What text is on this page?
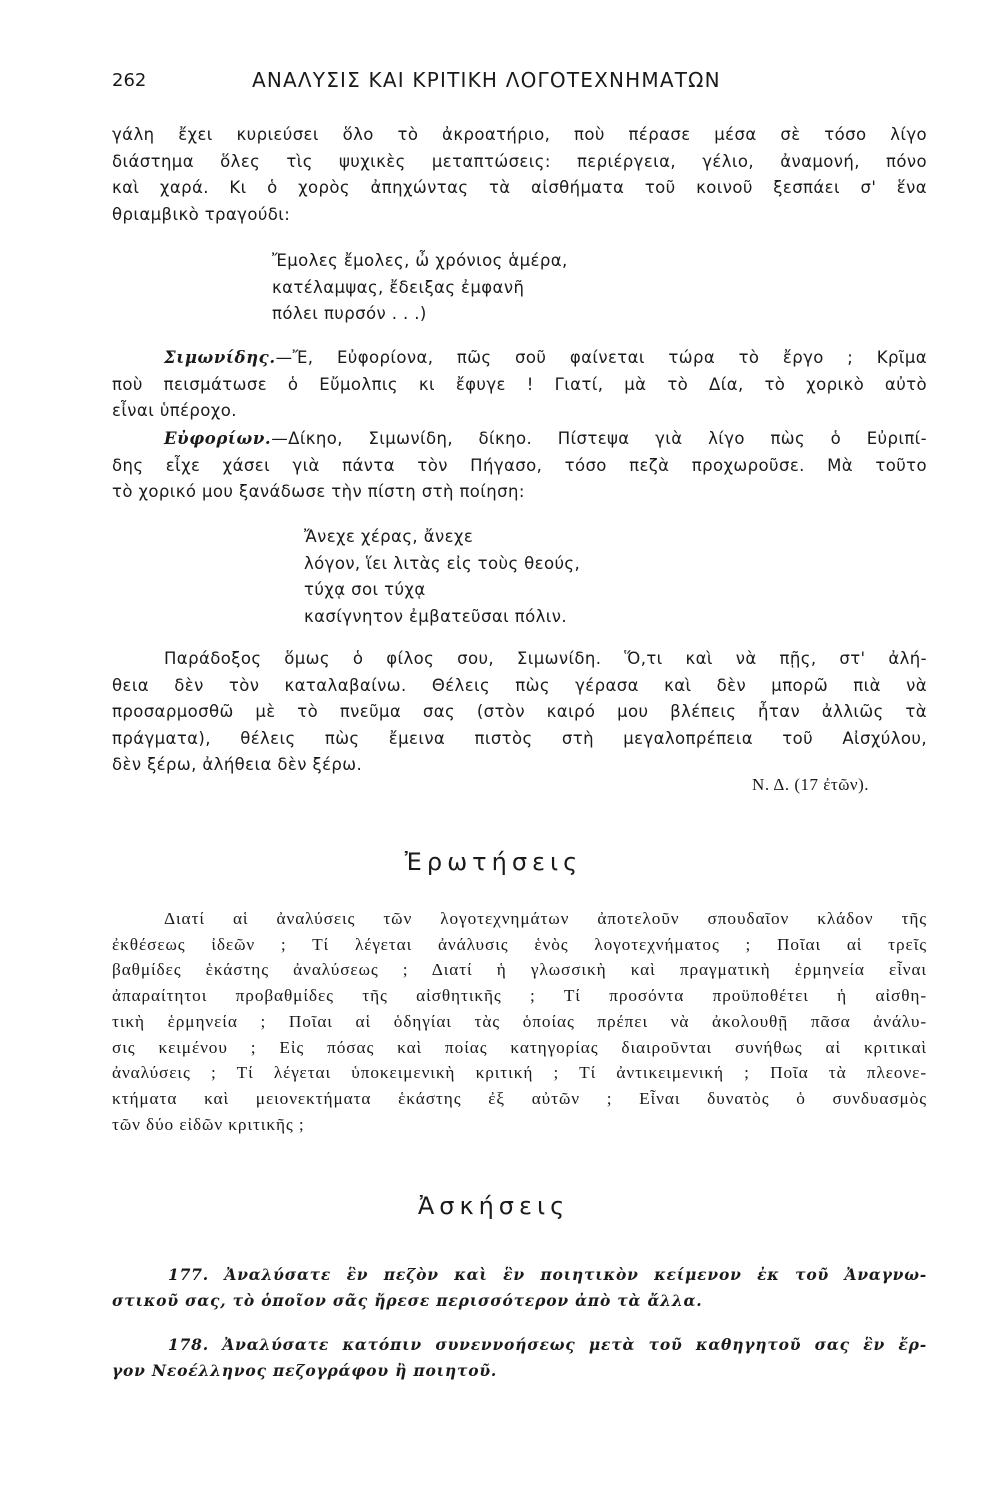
262	ΑΝΑΛΥΣΙΣ ΚΑΙ ΚΡΙΤΙΚΗ ΛΟΓΟΤΕΧΝΗΜΑΤΩΝ
γάλη ἔχει κυριεύσει ὅλο τὸ ἀκροατήριο, ποὺ πέρασε μέσα σὲ τόσο λίγο
διάστημα ὅλες τὶς ψυχικὲς μεταπτώσεις: περιέργεια, γέλιο, ἀναμονή, πόνο
καὶ χαρά. Κι ὁ χορὸς ἀπηχώντας τὰ αἰσθήματα τοῦ κοινοῦ ξεσπάει σ' ἕνα
θριαμβικὸ τραγούδι:
Ἔμολες ἔμολες, ὦ χρόνιος ἁμέρα,
κατέλαμψας, ἔδειξας ἐμφανῆ
πόλει πυρσόν . . .)
Σιμωνίδης.—Ἔ, Εὐφορίονα, πῶς σοῦ φαίνεται τώρα τὸ ἔργο ; Κρῖμα
ποὺ πεισμάτωσε ὁ Εὔμολπις κι ἔφυγε ! Γιατί, μὰ τὸ Δία, τὸ χορικὸ αὐτὸ
εἶναι ὑπέροχο.
Εὐφορίων.—Δίκηο, Σιμωνίδη, δίκηο. Πίστεψα γιὰ λίγο πὼς ὁ Εὐριπί-
δης εἶχε χάσει γιὰ πάντα τὸν Πήγασο, τόσο πεζὰ προχωροῦσε. Μὰ τοῦτο
τὸ χορικό μου ξανάδωσε τὴν πίστη στὴ ποίηση:
Ἄνεχε χέρας, ἄνεχε
λόγον, ἵει λιτὰς εἰς τοὺς θεούς,
τύχᾳ σοι τύχᾳ
κασίγνητον ἐμβατεῦσαι πόλιν.
Παράδοξος ὅμως ὁ φίλος σου, Σιμωνίδη. Ὅ,τι καὶ νὰ πῇς, στ' ἀλή-
θεια δὲν τὸν καταλαβαίνω. Θέλεις πὼς γέρασα καὶ δὲν μπορῶ πιὰ νὰ
προσαρμοσθῶ μὲ τὸ πνεῦμα σας (στὸν καιρό μου βλέπεις ἦταν ἀλλιῶς τὰ
πράγματα), θέλεις πὼς ἔμεινα πιστὸς στὴ μεγαλοπρέπεια τοῦ Αἰσχύλου,
δὲν ξέρω, ἀλήθεια δὲν ξέρω.
Ν. Δ. (17 ἐτῶν).
Ἐρωτήσεις
Διατί αἱ ἀναλύσεις τῶν λογοτεχνημάτων ἀποτελοῦν σπουδαῖον κλάδον τῆς
ἐκθέσεως ἰδεῶν ; Τί λέγεται ἀνάλυσις ἑνὸς λογοτεχνήματος ; Ποῖαι αἱ τρεῖς
βαθμίδες ἑκάστης ἀναλύσεως ; Διατί ἡ γλωσσικὴ καὶ πραγματικὴ ἑρμηνεία εἶναι
ἀπαραίτητοι προβαθμίδες τῆς αἰσθητικῆς ; Τί προσόντα προϋποθέτει ἡ αἰσθη-
τικὴ ἑρμηνεία ; Ποῖαι αἱ ὁδηγίαι τὰς ὁποίας πρέπει νὰ ἀκολουθῇ πᾶσα ἀνάλυ-
σις κειμένου ; Εἰς πόσας καὶ ποίας κατηγορίας διαιροῦνται συνήθως αἱ κριτικαὶ
ἀναλύσεις ; Τί λέγεται ὑποκειμενικὴ κριτική ; Τί ἀντικειμενική ; Ποῖα τὰ πλεονε-
κτήματα καὶ μειονεκτήματα ἑκάστης ἐξ αὐτῶν ; Εἶναι δυνατὸς ὁ συνδυασμὸς
τῶν δύο εἰδῶν κριτικῆς ;
Ἀσκήσεις
177. Ἀναλύσατε ἓν πεζὸν καὶ ἓν ποιητικὸν κείμενον ἐκ τοῦ Ἀναγνω-
στικοῦ σας, τὸ ὁποῖον σᾶς ἤρεσε περισσότερον ἀπὸ τὰ ἄλλα.
178. Ἀναλύσατε κατόπιν συνεννοήσεως μετὰ τοῦ καθηγητοῦ σας ἓν ἔρ-
γον Νεοέλληνος πεζογράφου ἢ ποιητοῦ.
